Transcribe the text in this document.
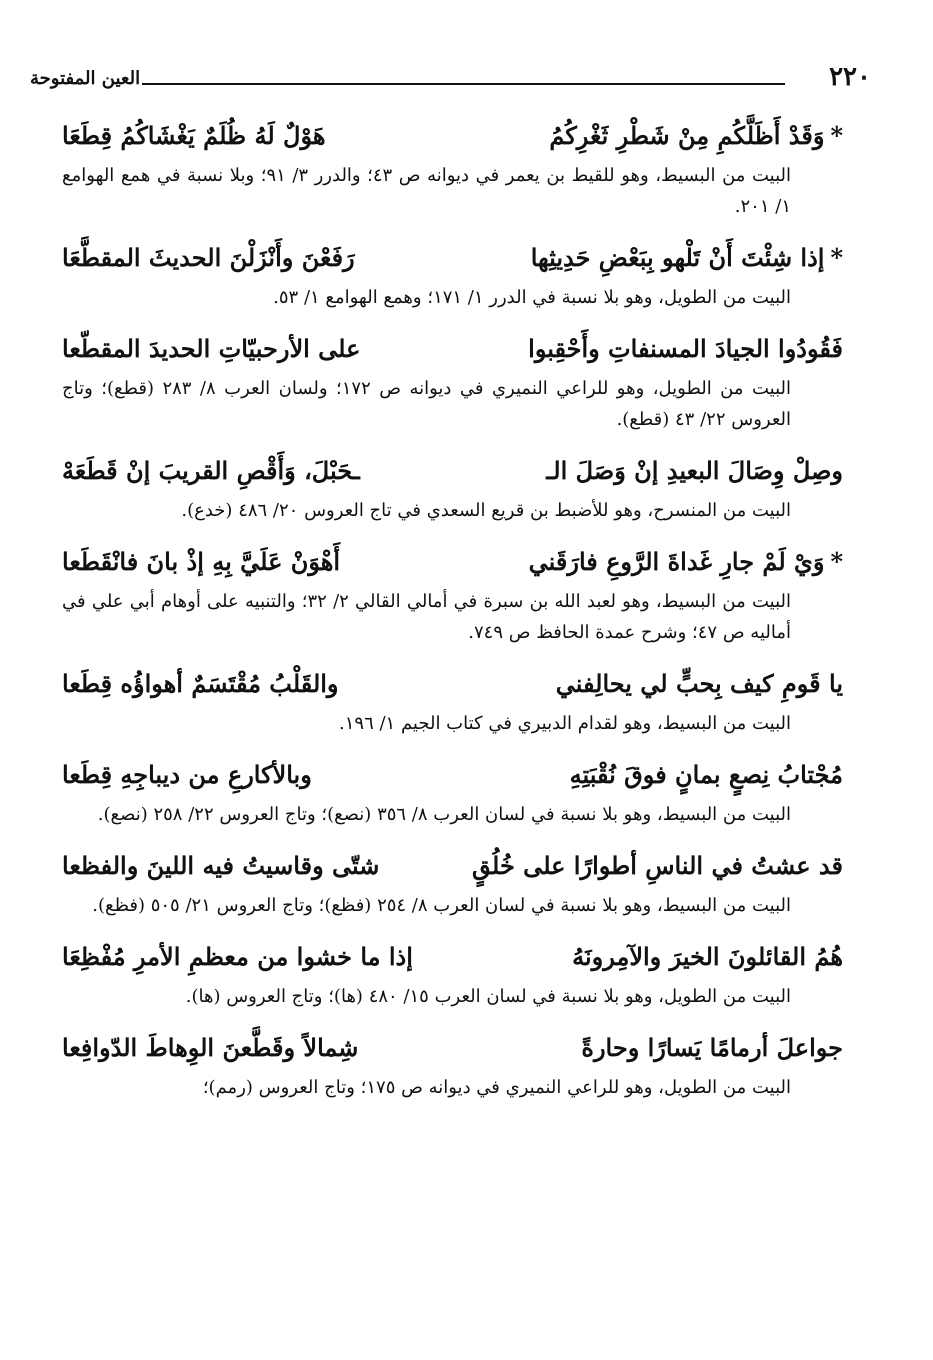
٢٢٠
العين المفتوحة
*
وَقَدْ أَظَلَّكُمِ مِنْ شَطْرِ ثَغْرِكُمُ
هَوْلٌ لَهُ ظُلَمٌ يَغْشَاكُمُ قِطَعَا
البيت من البسيط، وهو للقيط بن يعمر في ديوانه ص ٤٣؛ والدرر ٣/ ٩١؛ وبلا نسبة في همع الهوامع ١/ ٢٠١.
*
إذا شِئْتَ أَنْ تَلْهو بِبَعْضِ حَدِيثِها
رَفَعْنَ وأَنْزَلْنَ الحديثَ المقطَّعَا
البيت من الطويل، وهو بلا نسبة في الدرر ١/ ١٧١؛ وهمع الهوامع ١/ ٥٣.
فَقُودُوا الجيادَ المسنفاتِ وأَحْقِبوا
على الأرحبيّاتِ الحديدَ المقطّعا
البيت من الطويل، وهو للراعي النميري في ديوانه ص ١٧٢؛ ولسان العرب ٨/ ٢٨٣ (قطع)؛ وتاج العروس ٢٢/ ٤٣ (قطع).
وصِلْ وِصَالَ البعيدِ إنْ وَصَلَ الـ
ـحَبْلَ، وَأَقْصِ القريبَ إنْ قَطَعَهْ
البيت من المنسرح، وهو للأضبط بن قريع السعدي في تاج العروس ٢٠/ ٤٨٦ (خدع).
*
وَيْ لَمْ جارِ غَداةَ الرَّوعِ فارَقَني
أَهْوَنْ عَلَيَّ بِهِ إذْ بانَ فانْقَطَعا
البيت من البسيط، وهو لعبد الله بن سبرة في أمالي القالي ٢/ ٣٢؛ والتنبيه على أوهام أبي علي في أماليه ص ٤٧؛ وشرح عمدة الحافظ ص ٧٤٩.
يا قَومِ كيف بِحبٍّ لي يحالِفني
والقَلْبُ مُقْتَسَمٌ أهواؤُه قِطَعا
البيت من البسيط، وهو لقدام الدبيري في كتاب الجيم ١/ ١٩٦.
مُجْتابُ نِصعٍ بمانٍ فوقَ نُقْبَتِهِ
وبالأكارعِ من ديباجِهِ قِطَعا
البيت من البسيط، وهو بلا نسبة في لسان العرب ٨/ ٣٥٦ (نصع)؛ وتاج العروس ٢٢/ ٢٥٨ (نصع).
قد عشتُ في الناسِ أطوارًا على خُلُقٍ
شتّى وقاسيتُ فيه اللينَ والفظعا
البيت من البسيط، وهو بلا نسبة في لسان العرب ٨/ ٢٥٤ (فظع)؛ وتاج العروس ٢١/ ٥٠٥ (فظع).
هُمُ القائلونَ الخيرَ والآمِرونَهُ
إذا ما خشوا من معظمِ الأمرِ مُفْظِعَا
البيت من الطويل، وهو بلا نسبة في لسان العرب ١٥/ ٤٨٠ (ها)؛ وتاج العروس (ها).
جواعلَ أرمامًا يَسارًا وحارةً
شِمالاً وقَطَّعنَ الوِهاطَ الدّوافِعا
البيت من الطويل، وهو للراعي النميري في ديوانه ص ١٧٥؛ وتاج العروس (رمم)؛
